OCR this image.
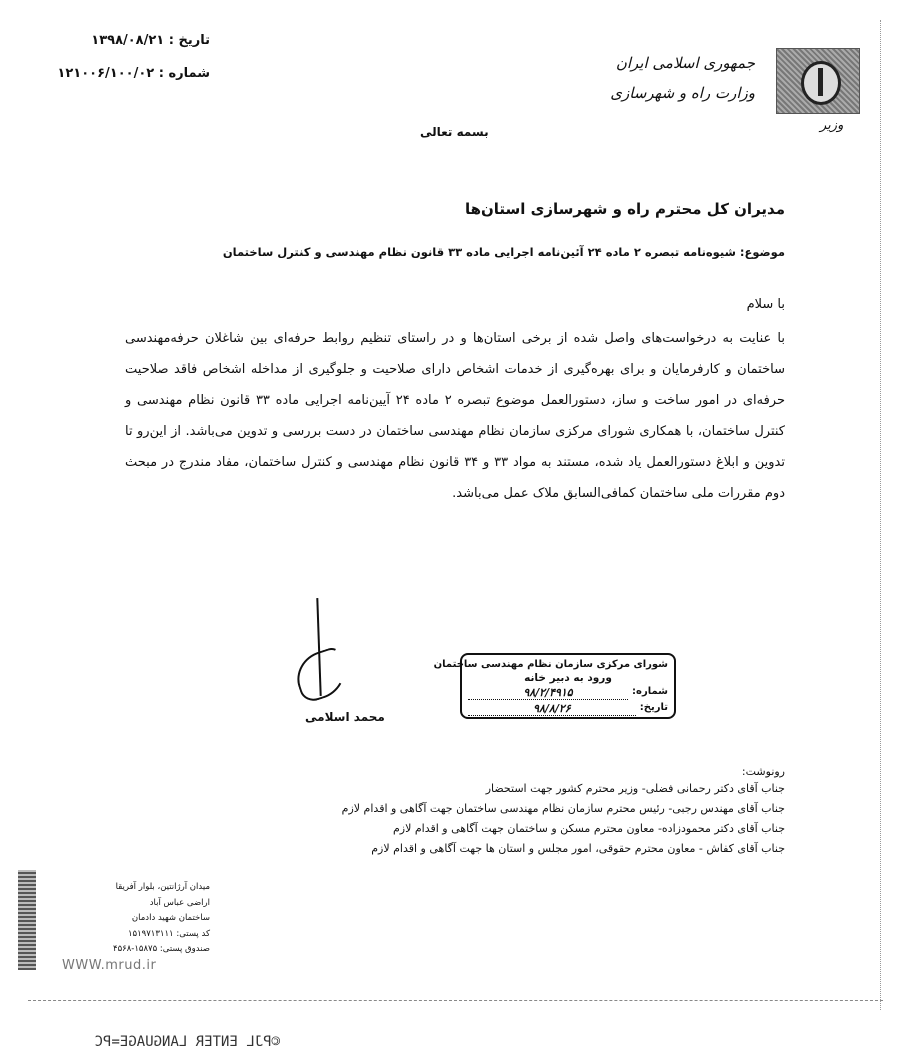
تاریخ : ۱۳۹۸/۰۸/۲۱
شماره : ۱۲۱۰۰۶/۱۰۰/۰۲
جمهوری اسلامی ایران
وزارت راه و شهرسازی
وزیر
بسمه تعالی
مدیران کل محترم راه و شهرسازی استان‌ها
موضوع: شیوه‌نامه تبصره ۲ ماده ۲۴ آئین‌نامه اجرایی ماده ۳۳ قانون نظام مهندسی و کنترل ساختمان
با سلام
با عنایت به درخواست‌های واصل شده از برخی استان‌ها و در راستای تنظیم روابط حرفه‌ای بین شاغلان حرفه‌مهندسی ساختمان و کارفرمایان و برای بهره‌گیری از خدمات اشخاص دارای صلاحیت و جلوگیری از مداخله اشخاص فاقد صلاحیت حرفه‌ای در امور ساخت و ساز، دستورالعمل موضوع تبصره ۲ ماده ۲۴ آیین‌نامه اجرایی ماده ۳۳ قانون نظام مهندسی و کنترل ساختمان، با همکاری شورای مرکزی سازمان نظام مهندسی ساختمان در دست بررسی و تدوین می‌باشد. از این‌رو تا تدوین و ابلاغ دستورالعمل یاد شده، مستند به مواد ۳۳ و ۳۴ قانون نظام مهندسی و کنترل ساختمان، مفاد مندرج در مبحث دوم مقررات ملی ساختمان کمافی‌السابق ملاک عمل می‌باشد.
محمد اسلامی
شورای مرکزی سازمان نظام مهندسی ساختمان
ورود به دبیر خانه
شماره:
۹۸/۲/۴۹۱۵
تاریخ:
۹۸/۸/۲۶
رونوشت:
جناب آقای دکتر رحمانی فضلی- وزیر محترم کشور جهت استحضار
جناب آقای مهندس رجبی- رئیس محترم سازمان نظام مهندسی ساختمان جهت آگاهی و اقدام لازم
جناب آقای دکتر محمودزاده- معاون محترم مسکن و ساختمان جهت آگاهی و اقدام لازم
جناب آقای کفاش - معاون محترم حقوقی، امور مجلس و استان ها جهت آگاهی و اقدام لازم
میدان آرژانتین، بلوار آفریقا
اراضی عباس آباد
ساختمان شهید دادمان
کد پستی: ۱۵۱۹۷۱۳۱۱۱
صندوق پستی: ۱۵۸۷۵-۴۵۶۸
WWW.mrud.ir
©PJL ENTER LANGUAGE=PC
